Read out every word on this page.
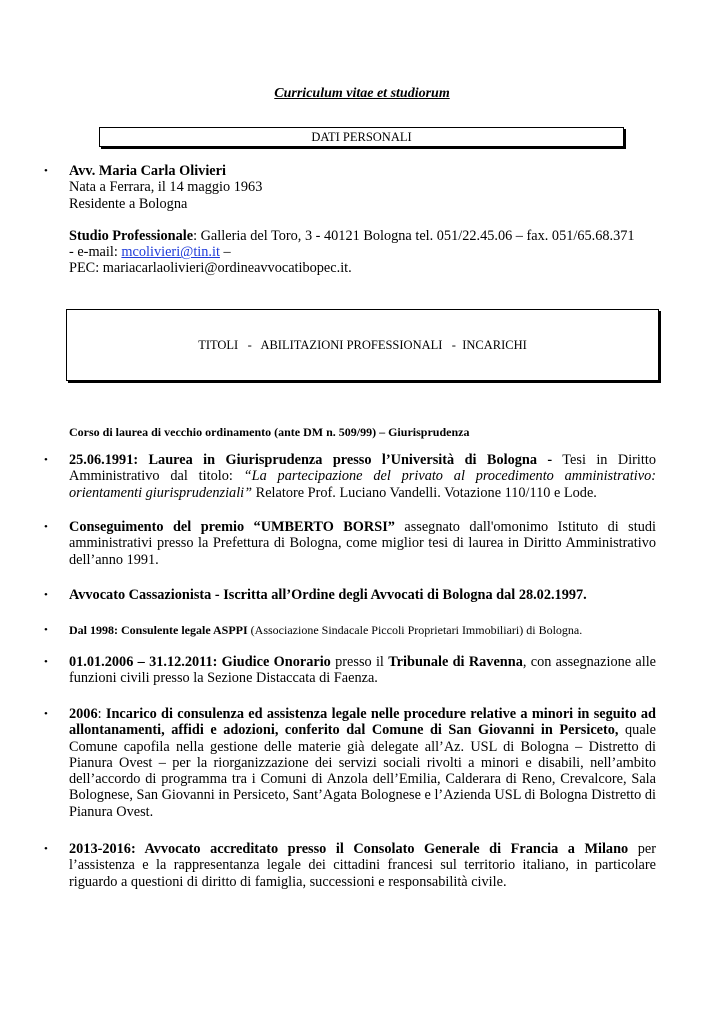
Curriculum vitae et studiorum
DATI PERSONALI
• Avv. Maria Carla Olivieri
Nata a Ferrara, il 14 maggio 1963
Residente a Bologna
Studio Professionale: Galleria del Toro, 3 - 40121 Bologna tel. 051/22.45.06 – fax. 051/65.68.371
- e-mail: mcolivieri@tin.it –
PEC: mariacarlaolivieri@ordineavvocatibopec.it.
TITOLI   -   ABILITAZIONI PROFESSIONALI   -  INCARICHI
Corso di laurea di vecchio ordinamento (ante DM n. 509/99) – Giurisprudenza
• 25.06.1991: Laurea in Giurisprudenza presso l’Università di Bologna - Tesi in Diritto Amministrativo dal titolo: “La partecipazione del privato al procedimento amministrativo: orientamenti giurisprudenziali” Relatore Prof. Luciano Vandelli. Votazione 110/110 e Lode.
• Conseguimento del premio “UMBERTO BORSI” assegnato dall'omonimo Istituto di studi amministrativi presso la Prefettura di Bologna, come miglior tesi di laurea in Diritto Amministrativo dell’anno 1991.
• Avvocato Cassazionista - Iscritta all’Ordine degli Avvocati di Bologna dal 28.02.1997.
• Dal 1998: Consulente legale ASPPI (Associazione Sindacale Piccoli Proprietari Immobiliari) di Bologna.
• 01.01.2006 – 31.12.2011: Giudice Onorario presso il Tribunale di Ravenna, con assegnazione alle funzioni civili presso la Sezione Distaccata di Faenza.
• 2006: Incarico di consulenza ed assistenza legale nelle procedure relative a minori in seguito ad allontanamenti, affidi e adozioni, conferito dal Comune di San Giovanni in Persiceto, quale Comune capofila nella gestione delle materie già delegate all’Az. USL di Bologna – Distretto di Pianura Ovest – per la riorganizzazione dei servizi sociali rivolti a minori e disabili, nell’ambito dell’accordo di programma tra i Comuni di Anzola dell’Emilia, Calderara di Reno, Crevalcore, Sala Bolognese, San Giovanni in Persiceto, Sant’Agata Bolognese e l’Azienda USL di Bologna Distretto di Pianura Ovest.
• 2013-2016: Avvocato accreditato presso il Consolato Generale di Francia a Milano per l’assistenza e la rappresentanza legale dei cittadini francesi sul territorio italiano, in particolare riguardo a questioni di diritto di famiglia, successioni e responsabilità civile.
